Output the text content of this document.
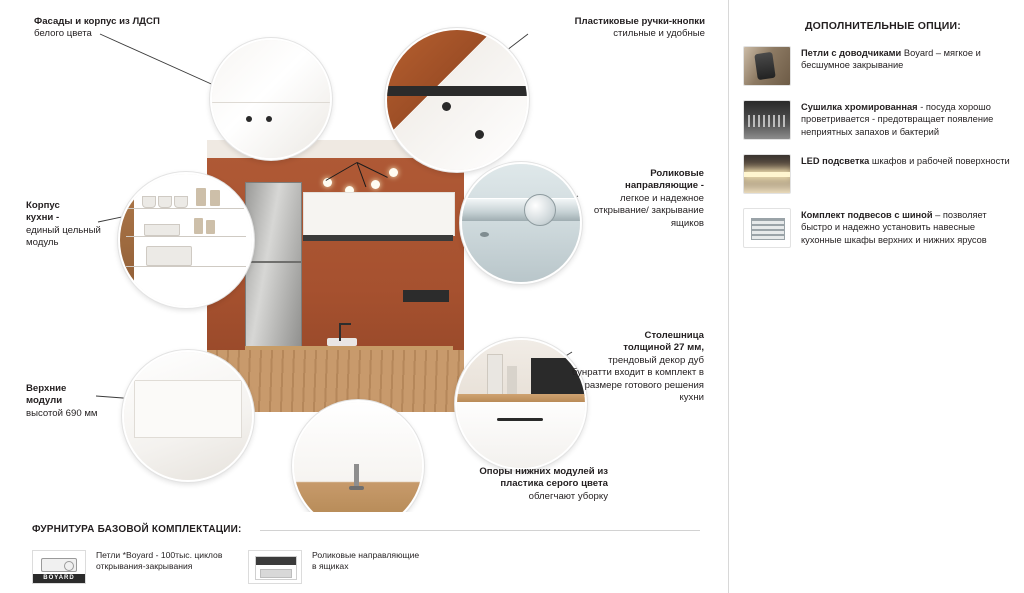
Фасады и корпус из ЛДСП
белого цвета
Пластиковые ручки-кнопки
стильные и удобные
Корпус
кухни -
единый цельный модуль
Верхние
модули
высотой 690 мм
Роликовые
направляющие -
легкое и надежное открывание/ закрывание ящиков
Столешница
толщиной 27 мм,
трендовый декор дуб бунратти входит в комплект в размере готового решения кухни
Опоры нижних модулей из
пластика серого цвета
облегчают уборку
ФУРНИТУРА БАЗОВОЙ КОМПЛЕКТАЦИИ:
BOYARD
Петли *Boyard - 100тыс. циклов
открывания-закрывания
Роликовые направляющие
в ящиках
ДОПОЛНИТЕЛЬНЫЕ ОПЦИИ:
Петли с доводчиками Boyard – мягкое и бесшумное закрывание
Сушилка хромированная - посуда хорошо проветривается - предотвращает появление неприятных запахов и бактерий
LED подсветка шкафов и рабочей поверхности
Комплект подвесов с шиной – позволяет быстро и надежно установить навесные кухонные шкафы верхних и нижних ярусов
